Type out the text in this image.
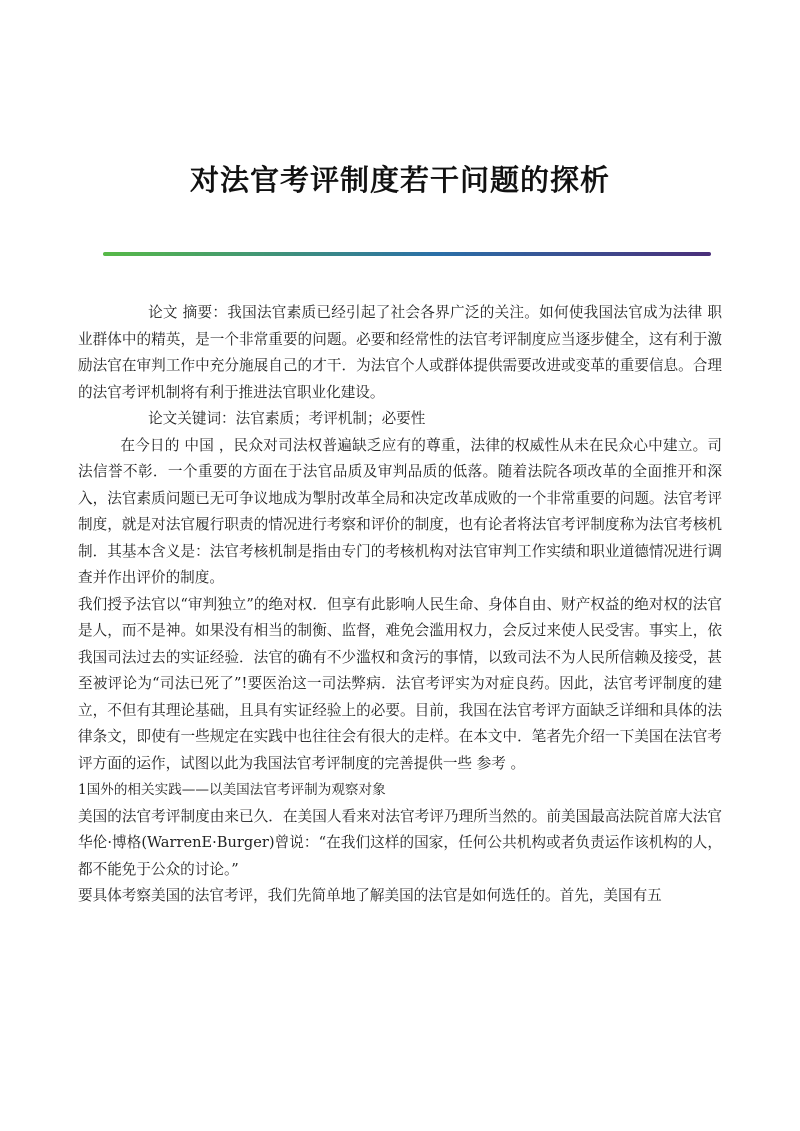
对法官考评制度若干问题的探析

论文 摘要：我国法官素质已经引起了社会各界广泛的关注。如何使我国法官成为法律 职业群体中的精英，是一个非常重要的问题。必要和经常性的法官考评制度应当逐步健全，这有利于激励法官在审判工作中充分施展自己的才干．为法官个人或群体提供需要改进或变革的重要信息。合理的法官考评机制将有利于推进法官职业化建设。

论文关键词：法官素质；考评机制；必要性

在今日的 中国 ，民众对司法权普遍缺乏应有的尊重，法律的权威性从未在民众心中建立。司法信誉不彰．一个重要的方面在于法官品质及审判品质的低落。随着法院各项改革的全面推开和深入，法官素质问题已无可争议地成为掣肘改革全局和决定改革成败的一个非常重要的问题。法官考评制度，就是对法官履行职责的情况进行考察和评价的制度，也有论者将法官考评制度称为法官考核机制．其基本含义是：法官考核机制是指由专门的考核机构对法官审判工作实绩和职业道德情况进行调查并作出评价的制度。

我们授予法官以“审判独立”的绝对权．但享有此影响人民生命、身体自由、财产权益的绝对权的法官是人，而不是神。如果没有相当的制衡、监督，难免会滥用权力，会反过来使人民受害。事实上，依我国司法过去的实证经验．法官的确有不少滥权和贪污的事情，以致司法不为人民所信赖及接受，甚至被评论为“司法已死了”!要医治这一司法弊病．法官考评实为对症良药。因此，法官考评制度的建立，不但有其理论基础，且具有实证经验上的必要。目前，我国在法官考评方面缺乏详细和具体的法律条文，即使有一些规定在实践中也往往会有很大的走样。在本文中．笔者先介绍一下美国在法官考评方面的运作，试图以此为我国法官考评制度的完善提供一些 参考 。

1国外的相关实践——以美国法官考评制为观察对象

美国的法官考评制度由来已久．在美国人看来对法官考评乃理所当然的。前美国最高法院首席大法官华伦·博格(WarrenE·Burger)曾说：“在我们这样的国家，任何公共机构或者负责运作该机构的人，都不能免于公众的讨论。”

要具体考察美国的法官考评，我们先简单地了解美国的法官是如何选任的。首先，美国有五
